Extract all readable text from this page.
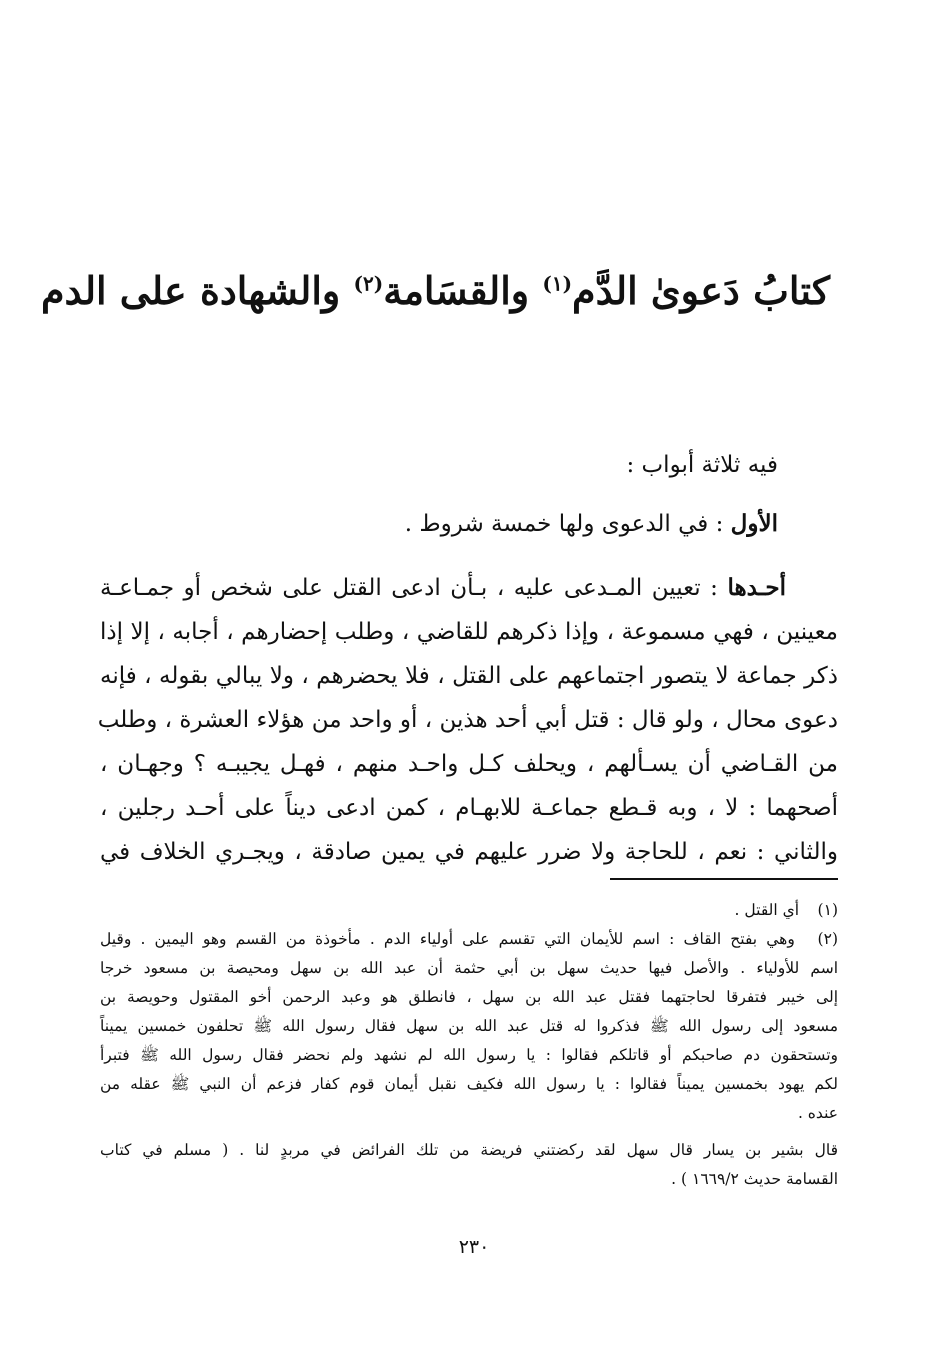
كتابُ دَعوىٰ الدَّم$^{(١)}$ والقسَامة$^{(٢)}$ والشهادة على الدم
فيه ثلاثة أبواب :
الأول : في الدعوى ولها خمسة شروط .
أحـدها : تعيين المـدعى عليه ، بـأن ادعى القتل على شخص أو جمـاعـة
معينين ، فهي مسموعة ، وإذا ذكرهم للقاضي ، وطلب إحضارهم ، أجابه ، إلا إذا
ذكر جماعة لا يتصور اجتماعهم على القتل ، فلا يحضرهم ، ولا يبالي بقوله ، فإنه
دعوى محال ، ولو قال : قتل أبي أحد هذين ، أو واحد من هؤلاء العشرة ، وطلب
من القـاضي أن يسـألهم ، ويحلف كـل واحـد منهم ، فهـل يجيبـه ؟ وجهـان ،
أصحهما : لا ، وبه قـطع جماعـة للابهـام ، كمن ادعى ديناً على أحـد رجلين ،
والثاني : نعم ، للحاجة ولا ضرر عليهم في يمين صادقة ، ويجـري الخلاف في
(١) أي القتل .
(٢) وهي بفتح القاف : اسم للأيمان التي تقسم على أولياء الدم . مأخوذة من القسم وهو اليمين . وقيل
اسم للأولياء . والأصل فيها حديث سهل بن أبي حثمة أن عبد الله بن سهل ومحيصة بن مسعود خرجا
إلى خيبر فتفرقا لحاجتهما فقتل عبد الله بن سهل ، فانطلق هو وعبد الرحمن أخو المقتول وحويصة بن
مسعود إلى رسول الله ﷺ فذكروا له قتل عبد الله بن سهل فقال رسول الله ﷺ تحلفون خمسين يميناً
وتستحقون دم صاحبكم أو قاتلكم فقالوا : يا رسول الله لم نشهد ولم نحضر فقال رسول الله ﷺ فتبرأ
لكم يهود بخمسين يميناً فقالوا : يا رسول الله فكيف نقبل أيمان قوم كفار فزعم أن النبي ﷺ عقله من
عنده .
قال بشير بن يسار قال سهل لقد ركضتني فريضة من تلك الفرائض في مربدٍ لنا . ( مسلم في كتاب
القسامة حديث ١٦٦٩/٢ ) .
٢٣٠
